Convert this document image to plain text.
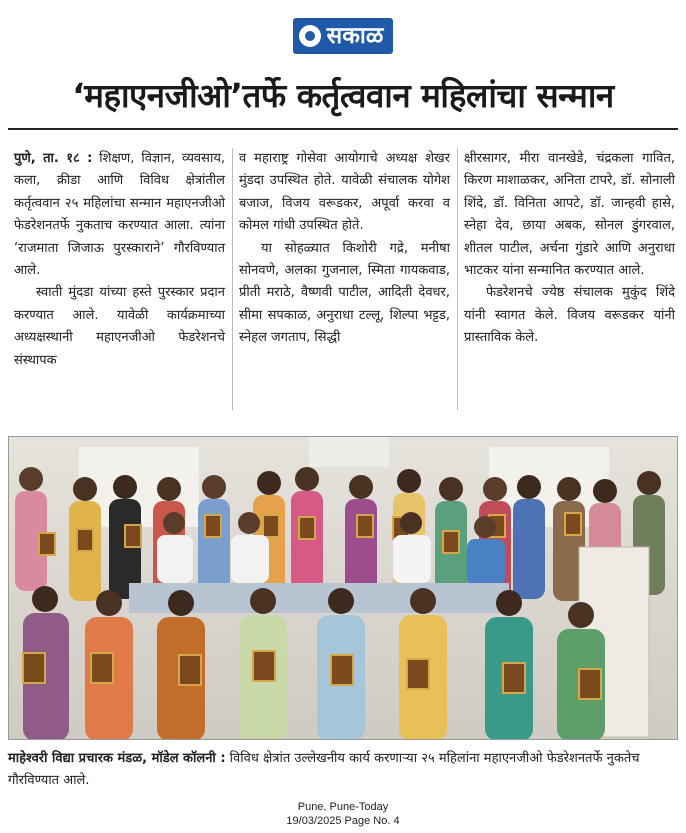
सकाळ
‘महाएनजीओ’तर्फे कर्तृत्ववान महिलांचा सन्मान

पुणे, ता. १८ : शिक्षण, विज्ञान, व्यवसाय, कला, क्रीडा आणि विविध क्षेत्रांतील कर्तृत्ववान २५ महिलांचा सन्मान महाएनजीओ फेडरेशनतर्फे नुकताच करण्यात आला. त्यांना ‘राजमाता जिजाऊ पुरस्काराने’ गौरविण्यात आले.

स्वाती मुंदडा यांच्या हस्ते पुरस्कार प्रदान करण्यात आले. यावेळी कार्यक्रमाच्या अध्यक्षस्थानी महाएनजीओ फेडरेशनचे संस्थापक

व महाराष्ट्र गोसेवा आयोगाचे अध्यक्ष शेखर मुंडदा उपस्थित होते. यावेळी संचालक योगेश बजाज, विजय वरूडकर, अपूर्वा करवा व कोमल गांधी उपस्थित होते.

या सोहळ्यात किशोरी गद्रे, मनीषा सोनवणे, अलका गुजनाल, स्मिता गायकवाड, प्रीती मराठे, वैष्णवी पाटील, आदिती देवधर, सीमा सपकाळ, अनुराधा टल्लू, शिल्पा भट्टड, स्नेहल जगताप, सिद्धी

क्षीरसागर, मीरा वानखेडे, चंद्रकला गावित, किरण माशाळकर, अनिता टापरे, डॉ. सोनाली शिंदे, डॉ. विनिता आपटे, डॉ. जान्हवी हासे, स्नेहा देव, छाया अबक, सोनल डुंगरवाल, शीतल पाटील, अर्चना गुंडारे आणि अनुराधा भाटकर यांना सन्मानित करण्यात आले.

फेडरेशनचे ज्येष्ठ संचालक मुकुंद शिंदे यांनी स्वागत केले. विजय वरूडकर यांनी प्रास्ताविक केले.

माहेश्वरी विद्या प्रचारक मंडळ, मॉडेल कॉलनी : विविध क्षेत्रांत उल्लेखनीय कार्य करणाऱ्या २५ महिलांना महाएनजीओ फेडरेशनतर्फे नुकतेच गौरविण्यात आले.
Pune, Pune-Today
19/03/2025 Page No. 4
